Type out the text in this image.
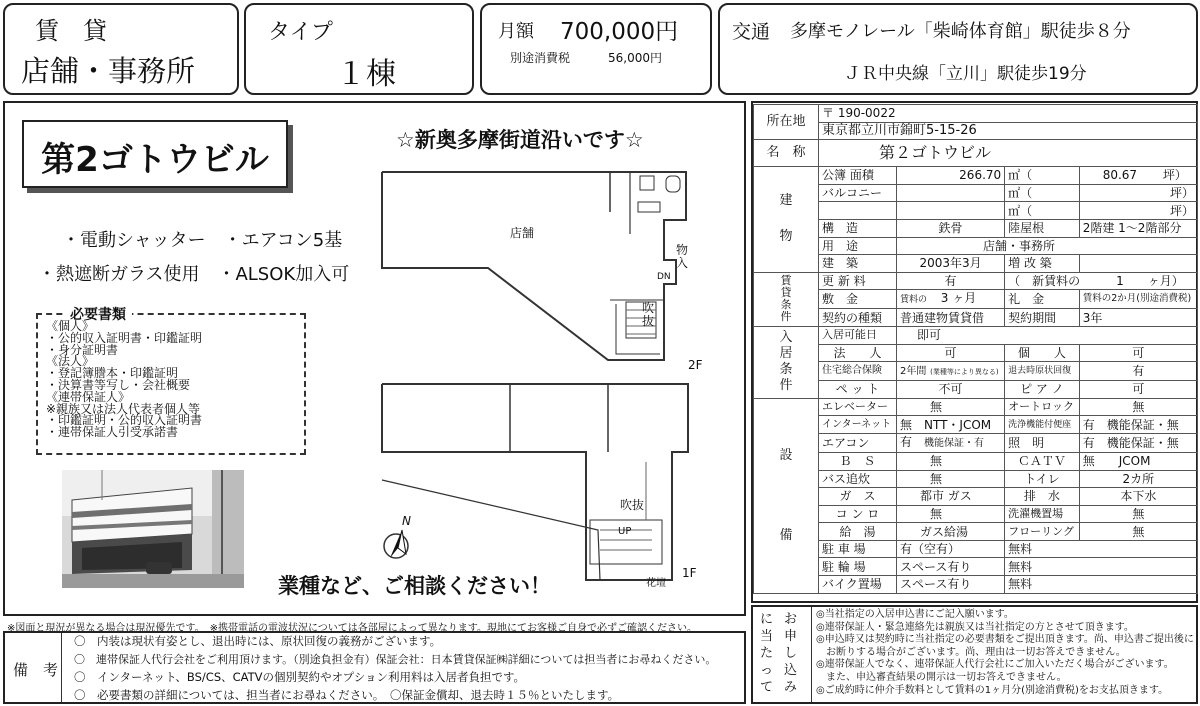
賃　貸
店舗・事務所
タイプ
１棟
月額 700,000円
別途消費税	56,000円
交通 多摩モノレール「柴崎体育館」駅徒歩８分
ＪＲ中央線「立川」駅徒歩19分
第2ゴトウビル
・電動シャッター　・エアコン5基
・熱遮断ガラス使用　・ALSOK加入可
必要書類
《個人》
・公的収入証明書・印鑑証明
・身分証明書
《法人》
・登記簿謄本・印鑑証明
・決算書等写し・会社概要
《連帯保証人》
※親族又は法人代表者個人等
・印鑑証明・公的収入証明書
・連帯保証人引受承諾書
☆新奥多摩街道沿いです☆
店舗
物入
吹抜
DN
2F
吹抜
UP
花壇
1F
N
業種など、ご相談ください！
※図面と現況が異なる場合は現況優先です。　※携帯電話の電波状況については各部屋によって異なります。現地にてお客様ご自身で必ずご確認ください。
備　考
〇　内装は現状有姿とし、退出時には、原状回復の義務がございます。
〇　連帯保証人代行会社をご利用頂けます。（別途負担金有）保証会社：日本賃貸保証㈱詳細については担当者にお尋ねください。
〇　インターネット、BS/CS、CATVの個別契約やオプション利用料は入居者負担です。
〇　必要書類の詳細については、担当者にお尋ねください。　〇保証金償却、退去時１５％といたします。
所在地	〒 190-0022			
	東京都立川市錦町5-15-26			
名　称	第２ゴトウビル			
建

物	公簿 面積	266.70	㎡（	80.67 坪）
	バルコニー		㎡（	坪）
			㎡（	坪）
	構　造	鉄骨	陸屋根	2階建 1〜2階部分
	用　途	店舗・事務所		
	建　築	2003年3月	増 改 築	
賃
貸
条
件	更 新 料	有	（　新賃料の　　　1　　ヶ月）	
	敷　金	賃料の 3 ヶ月	礼　金	賃料の2か月(別途消費税)
	契約の種類	普通建物賃貸借	契約期間	3年
入
居
条
件	入居可能日	即可		
	法　　人	可	個　　人	可
	住宅総合保険	2年間 (業種等により異なる)	退去時原状回復	有
	ペ ッ ト	不可	ピ ア ノ	可
設

備	エレベーター	無	オートロック	無
	インターネット	無　 NTT・JCOM	洗浄機能付便座	有　機能保証・無
	エアコン	有　 機能保証・有	照　明	有　機能保証・無
	Ｂ　Ｓ	無	ＣＡＴＶ	無　　JCOM
	バス追炊	無	トイレ	2カ所
	ガ　ス	都市 ガス	排　水	本下水
	コ ン ロ	無	洗濯機置場	無
	給　湯	ガス給湯	フローリング	無
	駐 車 場	有（空有）	無料	
	駐 輪 場	スペース有り	無料	
	バイク置場	スペース有り	無料	
に当たって
お申し込み
◎当社指定の入居申込書にご記入願います。
◎連帯保証人・緊急連絡先は親族又は当社指定の方とさせて頂きます。
◎申込時又は契約時に当社指定の必要書類をご提出頂きます。尚、申込書ご提出後に
　お断りする場合がございます。尚、理由は一切お答えできません。
◎連帯保証人でなく、連帯保証人代行会社にご加入いただく場合がございます。
　また、申込審査結果の開示は一切お答えできません。
◎ご成約時に仲介手数料として賃料の1ヶ月分(別途消費税)をお支払頂きます。
